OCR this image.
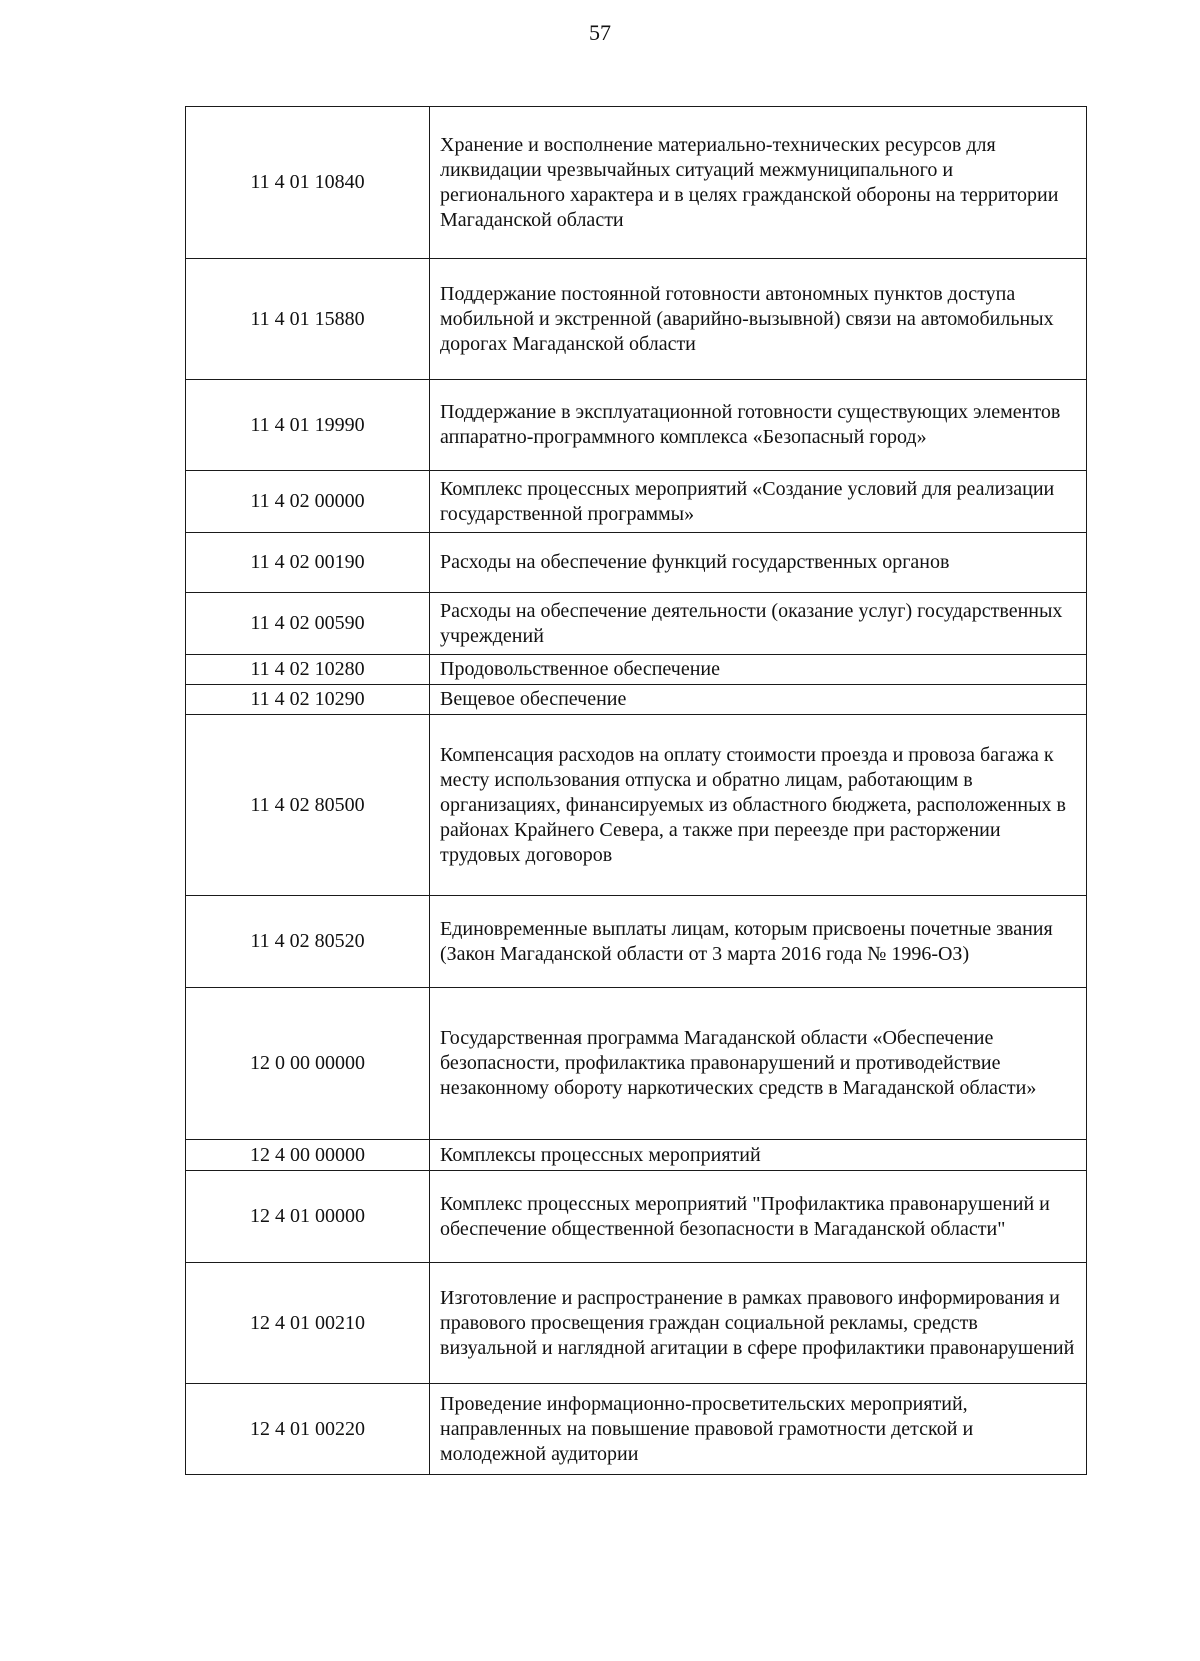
57
11 4 01 10840	Хранение и восполнение материально-технических ресурсов для ликвидации чрезвычайных ситуаций межмуниципального и регионального характера и в целях гражданской обороны на территории Магаданской области
11 4 01 15880	Поддержание постоянной готовности автономных пунктов доступа мобильной и экстренной (аварийно-вызывной) связи на автомобильных дорогах Магаданской области
11 4 01 19990	Поддержание в эксплуатационной готовности существующих элементов аппаратно-программного комплекса «Безопасный город»
11 4 02 00000	Комплекс процессных мероприятий «Создание условий для реализации государственной программы»
11 4 02 00190	Расходы на обеспечение функций государственных органов
11 4 02 00590	Расходы на обеспечение деятельности (оказание услуг) государственных учреждений
11 4 02 10280	Продовольственное обеспечение
11 4 02 10290	Вещевое обеспечение
11 4 02 80500	Компенсация расходов на оплату стоимости проезда и провоза багажа к месту использования отпуска и обратно лицам, работающим в организациях, финансируемых из областного бюджета, расположенных в районах Крайнего Севера, а также при переезде при расторжении трудовых договоров
11 4 02 80520	Единовременные выплаты лицам, которым присвоены почетные звания (Закон Магаданской области от 3 марта 2016 года № 1996-ОЗ)
12 0 00 00000	Государственная программа Магаданской области «Обеспечение безопасности, профилактика правонарушений и противодействие незаконному обороту наркотических средств в Магаданской области»
12 4 00 00000	Комплексы процессных мероприятий
12 4 01 00000	Комплекс процессных мероприятий "Профилактика правонарушений и обеспечение общественной безопасности в Магаданской области"
12 4 01 00210	Изготовление и распространение в рамках правового информирования и правового просвещения граждан социальной рекламы, средств визуальной и наглядной агитации в сфере профилактики правонарушений
12 4 01 00220	Проведение информационно-просветительских мероприятий, направленных на повышение правовой грамотности детской и молодежной аудитории
